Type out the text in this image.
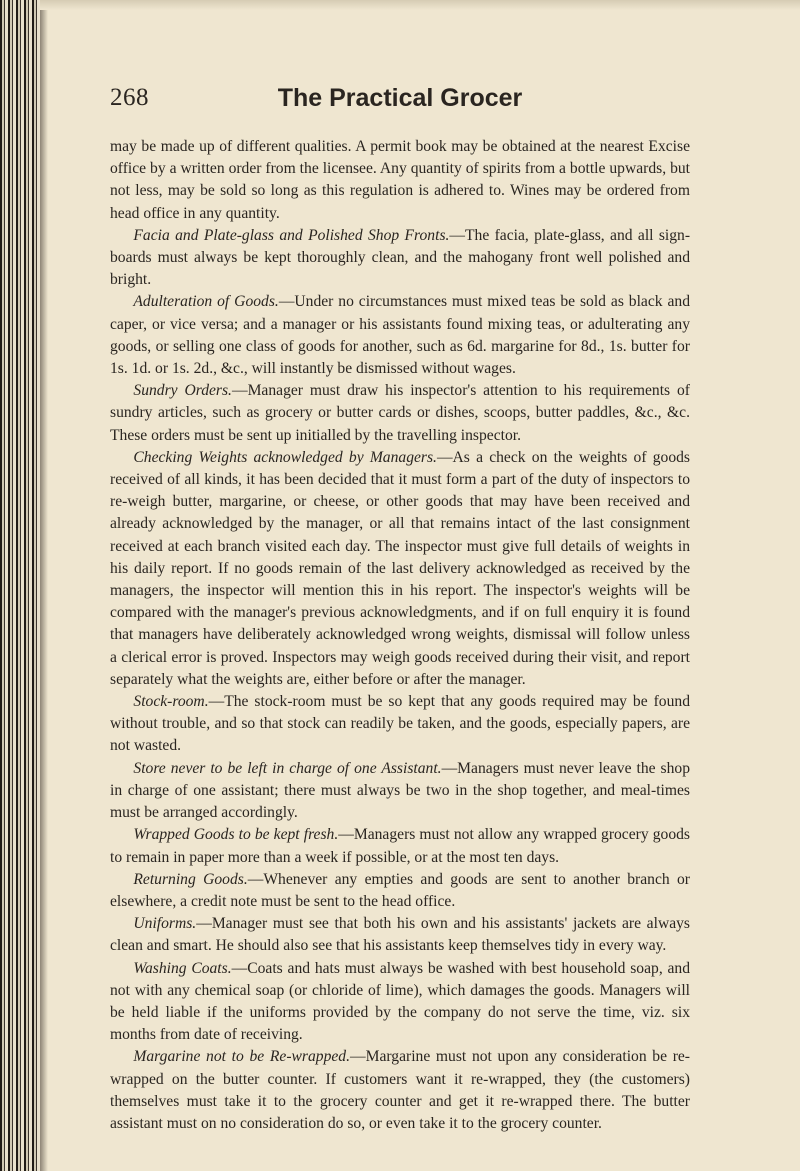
268	The Practical Grocer

may be made up of different qualities. A permit book may be obtained at the nearest Excise office by a written order from the licensee. Any quantity of spirits from a bottle upwards, but not less, may be sold so long as this regulation is adhered to. Wines may be ordered from head office in any quantity.

Facia and Plate-glass and Polished Shop Fronts.—The facia, plate-glass, and all sign-boards must always be kept thoroughly clean, and the mahogany front well polished and bright.

Adulteration of Goods.—Under no circumstances must mixed teas be sold as black and caper, or vice versa; and a manager or his assistants found mixing teas, or adulterating any goods, or selling one class of goods for another, such as 6d. margarine for 8d., 1s. butter for 1s. 1d. or 1s. 2d., &c., will instantly be dismissed without wages.

Sundry Orders.—Manager must draw his inspector's attention to his requirements of sundry articles, such as grocery or butter cards or dishes, scoops, butter paddles, &c., &c. These orders must be sent up initialled by the travelling inspector.

Checking Weights acknowledged by Managers.—As a check on the weights of goods received of all kinds, it has been decided that it must form a part of the duty of inspectors to re-weigh butter, margarine, or cheese, or other goods that may have been received and already acknowledged by the manager, or all that remains intact of the last consignment received at each branch visited each day. The inspector must give full details of weights in his daily report. If no goods remain of the last delivery acknowledged as received by the managers, the inspector will mention this in his report. The inspector's weights will be compared with the manager's previous acknowledgments, and if on full enquiry it is found that managers have deliberately acknowledged wrong weights, dismissal will follow unless a clerical error is proved. Inspectors may weigh goods received during their visit, and report separately what the weights are, either before or after the manager.

Stock-room.—The stock-room must be so kept that any goods required may be found without trouble, and so that stock can readily be taken, and the goods, especially papers, are not wasted.

Store never to be left in charge of one Assistant.—Managers must never leave the shop in charge of one assistant; there must always be two in the shop together, and meal-times must be arranged accordingly.

Wrapped Goods to be kept fresh.—Managers must not allow any wrapped grocery goods to remain in paper more than a week if possible, or at the most ten days.

Returning Goods.—Whenever any empties and goods are sent to another branch or elsewhere, a credit note must be sent to the head office.

Uniforms.—Manager must see that both his own and his assistants' jackets are always clean and smart. He should also see that his assistants keep themselves tidy in every way.

Washing Coats.—Coats and hats must always be washed with best household soap, and not with any chemical soap (or chloride of lime), which damages the goods. Managers will be held liable if the uniforms provided by the company do not serve the time, viz. six months from date of receiving.

Margarine not to be Re-wrapped.—Margarine must not upon any consideration be re-wrapped on the butter counter. If customers want it re-wrapped, they (the customers) themselves must take it to the grocery counter and get it re-wrapped there. The butter assistant must on no consideration do so, or even take it to the grocery counter.
